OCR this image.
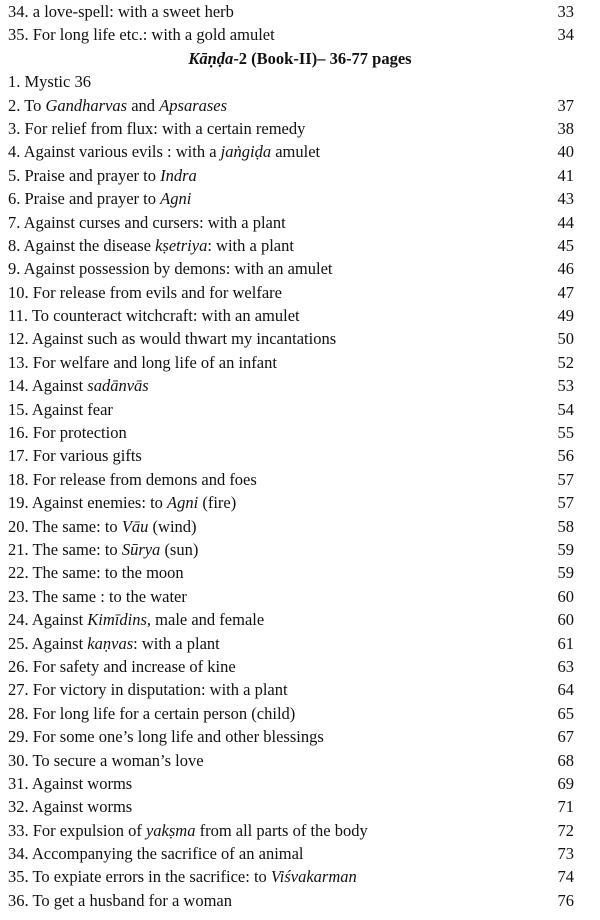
34. a love-spell: with a sweet herb	33
35. For long life etc.: with a gold amulet	34
Kāṇḍa-2 (Book-II)– 36-77 pages
1. Mystic 36
2. To Gandharvas and Apsarases	37
3. For relief from flux: with a certain remedy	38
4. Against various evils : with a jaṅgiḍa amulet	40
5. Praise and prayer to Indra	41
6. Praise and prayer to Agni	43
7. Against curses and cursers: with a plant	44
8. Against the disease kṣetriya: with a plant	45
9. Against possession by demons: with an amulet	46
10. For release from evils and for welfare	47
11. To counteract witchcraft: with an amulet	49
12. Against such as would thwart my incantations	50
13. For welfare and long life of an infant	52
14. Against sadānvās	53
15. Against fear	54
16. For protection	55
17. For various gifts	56
18. For release from demons and foes	57
19. Against enemies: to Agni (fire)	57
20. The same: to Vāu (wind)	58
21. The same: to Sūrya (sun)	59
22. The same: to the moon	59
23. The same : to the water	60
24. Against Kimīdins, male and female	60
25. Against kaṇvas: with a plant	61
26. For safety and increase of kine	63
27. For victory in disputation: with a plant	64
28. For long life for a certain person (child)	65
29. For some one’s long life and other blessings	67
30. To secure a woman’s love	68
31. Against worms	69
32. Against worms	71
33. For expulsion of yakṣma from all parts of the body	72
34. Accompanying the sacrifice of an animal	73
35. To expiate errors in the sacrifice: to Viśvakarman	74
36. To get a husband for a woman	76
